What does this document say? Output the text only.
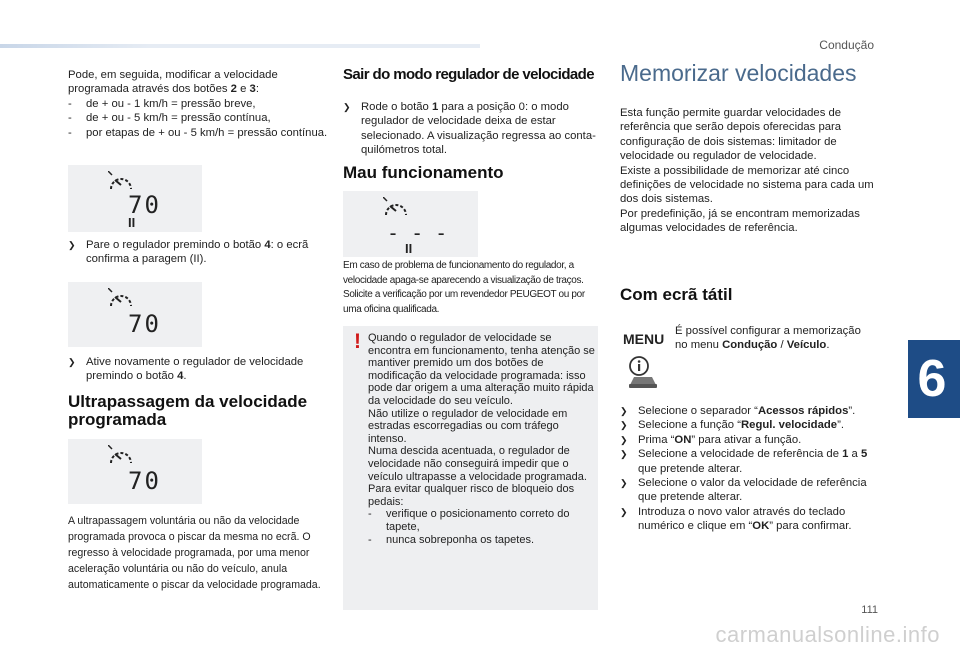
Condução
6
111
carmanualsonline.info

Pode, em seguida, modificar a velocidade programada através dos botões 2 e 3:

- de + ou - 1 km/h = pressão breve,

- de + ou - 5 km/h = pressão contínua,

- por etapas de + ou - 5 km/h = pressão contínua.

70
II

❯ Pare o regulador premindo o botão 4: o ecrã confirma a paragem (II).

70

❯ Ative novamente o regulador de velocidade premindo o botão 4.

Ultrapassagem da velocidade programada
70

A ultrapassagem voluntária ou não da velocidade programada provoca o piscar da mesma no ecrã. O regresso à velocidade programada, por uma menor aceleração voluntária ou não do veículo, anula automaticamente o piscar da velocidade programada.

Sair do modo regulador de velocidade

❯ Rode o botão 1 para a posição 0: o modo regulador de velocidade deixa de estar selecionado. A visualização regressa ao conta-quilómetros total.

Mau funcionamento
- - -
II

Em caso de problema de funcionamento do regulador, a velocidade apaga-se aparecendo a visualização de traços. Solicite a verificação por um revendedor PEUGEOT ou por uma oficina qualificada.

! Quando o regulador de velocidade se encontra em funcionamento, tenha atenção se mantiver premido um dos botões de modificação da velocidade programada: isso pode dar origem a uma alteração muito rápida da velocidade do seu veículo.

Não utilize o regulador de velocidade em estradas escorregadias ou com tráfego intenso.

Numa descida acentuada, o regulador de velocidade não conseguirá impedir que o veículo ultrapasse a velocidade programada.

Para evitar qualquer risco de bloqueio dos pedais:

- verifique o posicionamento correto do tapete,

- nunca sobreponha os tapetes.

Memorizar velocidades

Esta função permite guardar velocidades de referência que serão depois oferecidas para configuração de dois sistemas: limitador de velocidade ou regulador de velocidade.

Existe a possibilidade de memorizar até cinco definições de velocidade no sistema para cada um dos dois sistemas.

Por predefinição, já se encontram memorizadas algumas velocidades de referência.

Com ecrã tátil
MENU É possível configurar a memorização no menu Condução / Veículo.

❯ Selecione o separador “Acessos rápidos”.

❯ Selecione a função “Regul. velocidade”.

❯ Prima “ON” para ativar a função.

❯ Selecione a velocidade de referência de 1 a 5 que pretende alterar.

❯ Selecione o valor da velocidade de referência que pretende alterar.

❯ Introduza o novo valor através do teclado numérico e clique em “OK” para confirmar.
